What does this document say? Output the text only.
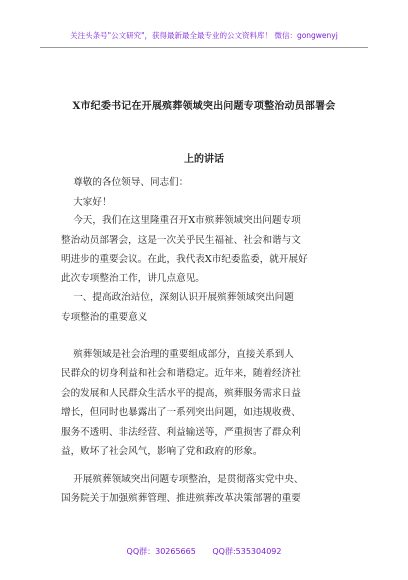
关注头条号"公文研究"，获得最新最全最专业的公文资料库！ 微信：gongwenyj
X市纪委书记在开展殡葬领域突出问题专项整治动员部署会
上的讲话
尊敬的各位领导、同志们：
大家好！
今天，我们在这里隆重召开X市殡葬领域突出问题专项
整治动员部署会，这是一次关乎民生福祉、社会和谐与文
明进步的重要会议。在此，我代表X市纪委监委，就开展好
此次专项整治工作，讲几点意见。
一、提高政治站位，深刻认识开展殡葬领域突出问题
专项整治的重要意义
殡葬领域是社会治理的重要组成部分，直接关系到人
民群众的切身利益和社会和谐稳定。近年来，随着经济社
会的发展和人民群众生活水平的提高，殡葬服务需求日益
增长，但同时也暴露出了一系列突出问题，如违规收费、
服务不透明、非法经营、利益输送等，严重损害了群众利
益，败坏了社会风气，影响了党和政府的形象。
开展殡葬领域突出问题专项整治，是贯彻落实党中央、
国务院关于加强殡葬管理、推进殡葬改革决策部署的重要
QQ群：30265665 QQ群:535304092
